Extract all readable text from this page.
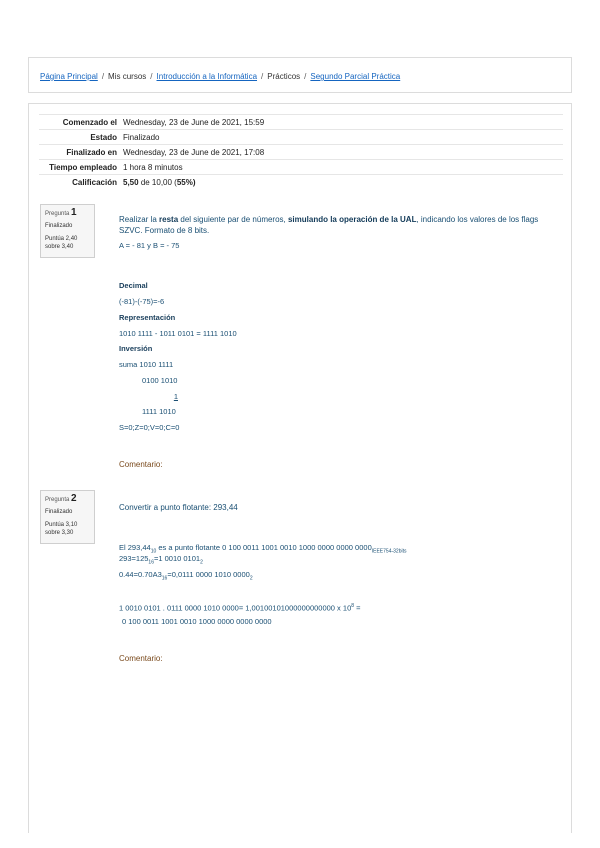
Página Principal / Mis cursos / Introducción a la Informática / Prácticos / Segundo Parcial Práctica
Comenzado el Wednesday, 23 de June de 2021, 15:59
Estado Finalizado
Finalizado en Wednesday, 23 de June de 2021, 17:08
Tiempo empleado 1 hora 8 minutos
Calificación 5,50 de 10,00 (55%)
Pregunta 1
Finalizado
Puntúa 2,40 sobre 3,40
Realizar la resta del siguiente par de números, simulando la operación de la UAL, indicando los valores de los flags SZVC. Formato de 8 bits.
A = - 81 y B = - 75
Decimal
(-81)-(-75)=-6
Representación
1010 1111 - 1011 0101 = 1111 1010
Inversión
suma 1010 1111
0100 1010
1
1111 1010
S=0;Z=0;V=0;C=0
Comentario:
Pregunta 2
Finalizado
Puntúa 3,10 sobre 3,30
Convertir a punto flotante: 293,44
El $293,44_{10}$ es a punto flotante 0 100 0011 1001 0010 1000 0000 0000 $0000_{IEEE754-32bits}$
$293=125_{16}=1$ 0010 $0101_2$
$0.44=0.70A3_{16}=0,0111$ 0000 1010 $0000_2$
1 0010 0101 . 0111 0000 1010 0000= 1,00100101000000000000 x $10^8$ =
0 100 0011 1001 0010 1000 0000 0000 0000
Comentario:
